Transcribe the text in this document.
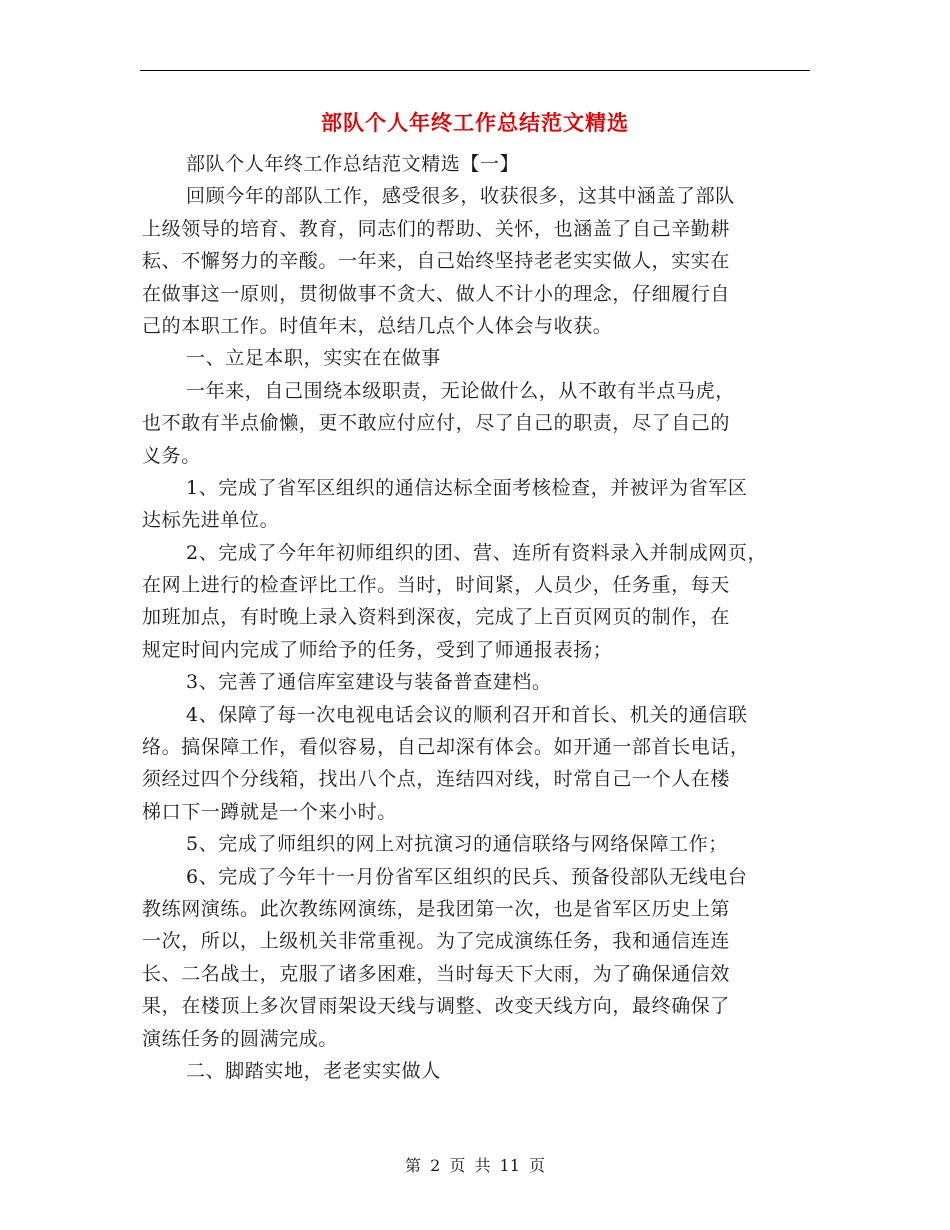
部队个人年终工作总结范文精选
部队个人年终工作总结范文精选【一】
回顾今年的部队工作，感受很多，收获很多，这其中涵盖了部队
上级领导的培育、教育，同志们的帮助、关怀，也涵盖了自己辛勤耕
耘、不懈努力的辛酸。一年来，自己始终坚持老老实实做人，实实在
在做事这一原则，贯彻做事不贪大、做人不计小的理念，仔细履行自
己的本职工作。时值年末，总结几点个人体会与收获。
一、立足本职，实实在在做事
一年来，自己围绕本级职责，无论做什么，从不敢有半点马虎，
也不敢有半点偷懒，更不敢应付应付，尽了自己的职责，尽了自己的
义务。
1、完成了省军区组织的通信达标全面考核检查，并被评为省军区
达标先进单位。
2、完成了今年年初师组织的团、营、连所有资料录入并制成网页，
在网上进行的检查评比工作。当时，时间紧，人员少，任务重，每天
加班加点，有时晚上录入资料到深夜，完成了上百页网页的制作，在
规定时间内完成了师给予的任务，受到了师通报表扬；
3、完善了通信库室建设与装备普查建档。
4、保障了每一次电视电话会议的顺利召开和首长、机关的通信联
络。搞保障工作，看似容易，自己却深有体会。如开通一部首长电话，
须经过四个分线箱，找出八个点，连结四对线，时常自己一个人在楼
梯口下一蹲就是一个来小时。
5、完成了师组织的网上对抗演习的通信联络与网络保障工作；
6、完成了今年十一月份省军区组织的民兵、预备役部队无线电台
教练网演练。此次教练网演练，是我团第一次，也是省军区历史上第
一次，所以，上级机关非常重视。为了完成演练任务，我和通信连连
长、二名战士，克服了诸多困难，当时每天下大雨，为了确保通信效
果，在楼顶上多次冒雨架设天线与调整、改变天线方向，最终确保了
演练任务的圆满完成。
二、脚踏实地，老老实实做人
第 2 页 共 11 页
